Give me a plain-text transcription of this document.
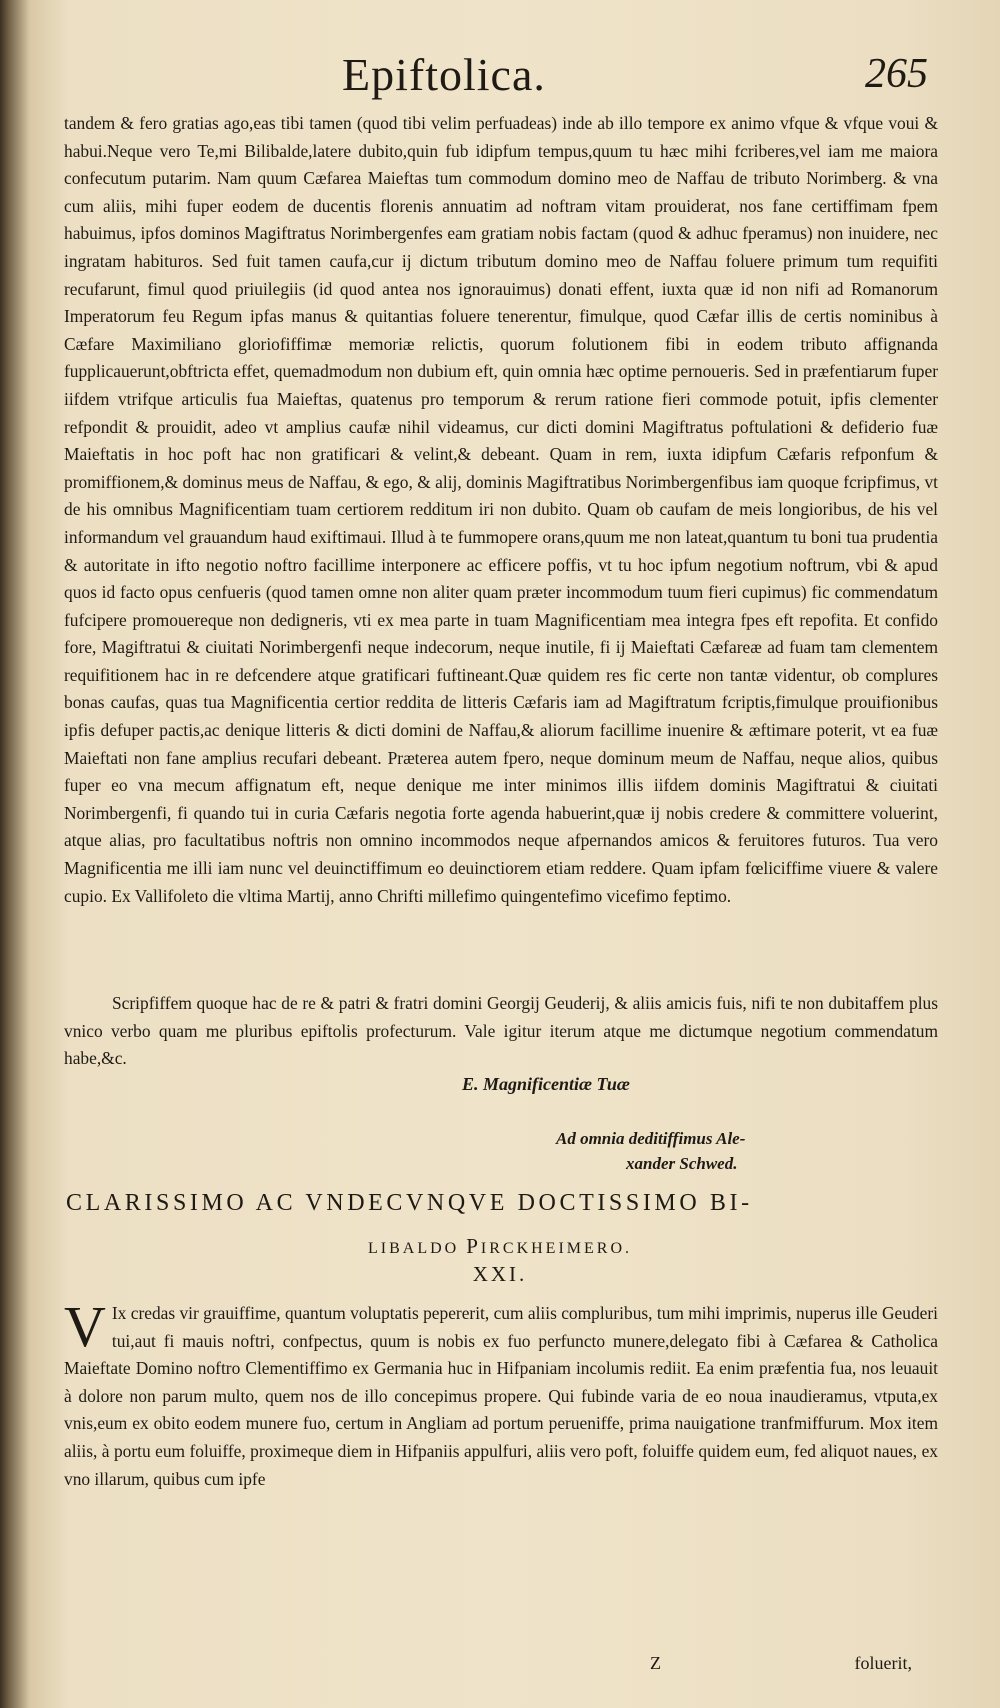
Epiftolica.	265

tandem & fero gratias ago,eas tibi tamen (quod tibi velim perfuadeas) inde ab illo tempore ex animo vfque & vfque voui & habui.Neque vero Te,mi Bilibalde,latere dubito,quin fub idipfum tempus,quum tu hæc mihi fcriberes,vel iam me maiora confecutum putarim. Nam quum Cæfarea Maieftas tum commodum domino meo de Naffau de tributo Norimberg. & vna cum aliis, mihi fuper eodem de ducentis florenis annuatim ad noftram vitam prouiderat, nos fane certiffimam fpem habuimus, ipfos dominos Magiftratus Norimbergenfes eam gratiam nobis factam (quod & adhuc fperamus) non inuidere, nec ingratam habituros. Sed fuit tamen caufa,cur ij dictum tributum domino meo de Naffau foluere primum tum requifiti recufarunt, fimul quod priuilegiis (id quod antea nos ignorauimus) donati effent, iuxta quæ id non nifi ad Romanorum Imperatorum feu Regum ipfas manus & quitantias foluere tenerentur, fimulque, quod Cæfar illis de certis nominibus à Cæfare Maximiliano gloriofiffimæ memoriæ relictis, quorum folutionem fibi in eodem tributo affignanda fupplicauerunt,obftricta effet, quemadmodum non dubium eft, quin omnia hæc optime pernoueris. Sed in præfentiarum fuper iifdem vtrifque articulis fua Maieftas, quatenus pro temporum & rerum ratione fieri commode potuit, ipfis clementer refpondit & prouidit, adeo vt amplius caufæ nihil videamus, cur dicti domini Magiftratus poftulationi & defiderio fuæ Maieftatis in hoc poft hac non gratificari & velint,& debeant. Quam in rem, iuxta idipfum Cæfaris refponfum & promiffionem,& dominus meus de Naffau, & ego, & alij, dominis Magiftratibus Norimbergenfibus iam quoque fcripfimus, vt de his omnibus Magnificentiam tuam certiorem redditum iri non dubito. Quam ob caufam de meis longioribus, de his vel informandum vel grauandum haud exiftimaui. Illud à te fummopere orans,quum me non lateat,quantum tu boni tua prudentia & autoritate in ifto negotio noftro facillime interponere ac efficere poffis, vt tu hoc ipfum negotium noftrum, vbi & apud quos id facto opus cenfueris (quod tamen omne non aliter quam præter incommodum tuum fieri cupimus) fic commendatum fufcipere promouereque non dedigneris, vti ex mea parte in tuam Magnificentiam mea integra fpes eft repofita. Et confido fore, Magiftratui & ciuitati Norimbergenfi neque indecorum, neque inutile, fi ij Maieftati Cæfareæ ad fuam tam clementem requifitionem hac in re defcendere atque gratificari fuftineant.Quæ quidem res fic certe non tantæ videntur, ob complures bonas caufas, quas tua Magnificentia certior reddita de litteris Cæfaris iam ad Magiftratum fcriptis,fimulque prouifionibus ipfis defuper pactis,ac denique litteris & dicti domini de Naffau,& aliorum facillime inuenire & æftimare poterit, vt ea fuæ Maieftati non fane amplius recufari debeant. Præterea autem fpero, neque dominum meum de Naffau, neque alios, quibus fuper eo vna mecum affignatum eft, neque denique me inter minimos illis iifdem dominis Magiftratui & ciuitati Norimbergenfi, fi quando tui in curia Cæfaris negotia forte agenda habuerint,quæ ij nobis credere & committere voluerint, atque alias, pro facultatibus noftris non omnino incommodos neque afpernandos amicos & feruitores futuros. Tua vero Magnificentia me illi iam nunc vel deuinctiffimum eo deuinctiorem etiam reddere. Quam ipfam fœliciffime viuere & valere cupio. Ex Vallifoleto die vltima Martij, anno Chrifti millefimo quingentefimo vicefimo feptimo.

Scripfiffem quoque hac de re & patri & fratri domini Georgij Geuderij, & aliis amicis fuis, nifi te non dubitaffem plus vnico verbo quam me pluribus epiftolis profecturum. Vale igitur iterum atque me dictumque negotium commendatum habe,&c.

E. Magnificentiæ Tuæ
Ad omnia deditiffimus Ale-
xander Schwed.
CLARISSIMO AC VNDECVNQVE DOCTISSIMO BI-
LIBALDO PIRCKHEIMERO.
XXI.

V Ix credas vir grauiffime, quantum voluptatis pepererit, cum aliis compluribus, tum mihi imprimis, nuperus ille Geuderi tui,aut fi mauis noftri, confpectus, quum is nobis ex fuo perfuncto munere,delegato fibi à Cæfarea & Catholica Maieftate Domino noftro Clementiffimo ex Germania huc in Hifpaniam incolumis rediit. Ea enim præfentia fua, nos leuauit à dolore non parum multo, quem nos de illo concepimus propere. Qui fubinde varia de eo noua inaudieramus, vtputa,ex vnis,eum ex obito eodem munere fuo, certum in Angliam ad portum perueniffe, prima nauigatione tranfmiffurum. Mox item aliis, à portu eum foluiffe, proximeque diem in Hifpaniis appulfuri, aliis vero poft, foluiffe quidem eum, fed aliquot naues, ex vno illarum, quibus cum ipfe

Z	foluerit,
